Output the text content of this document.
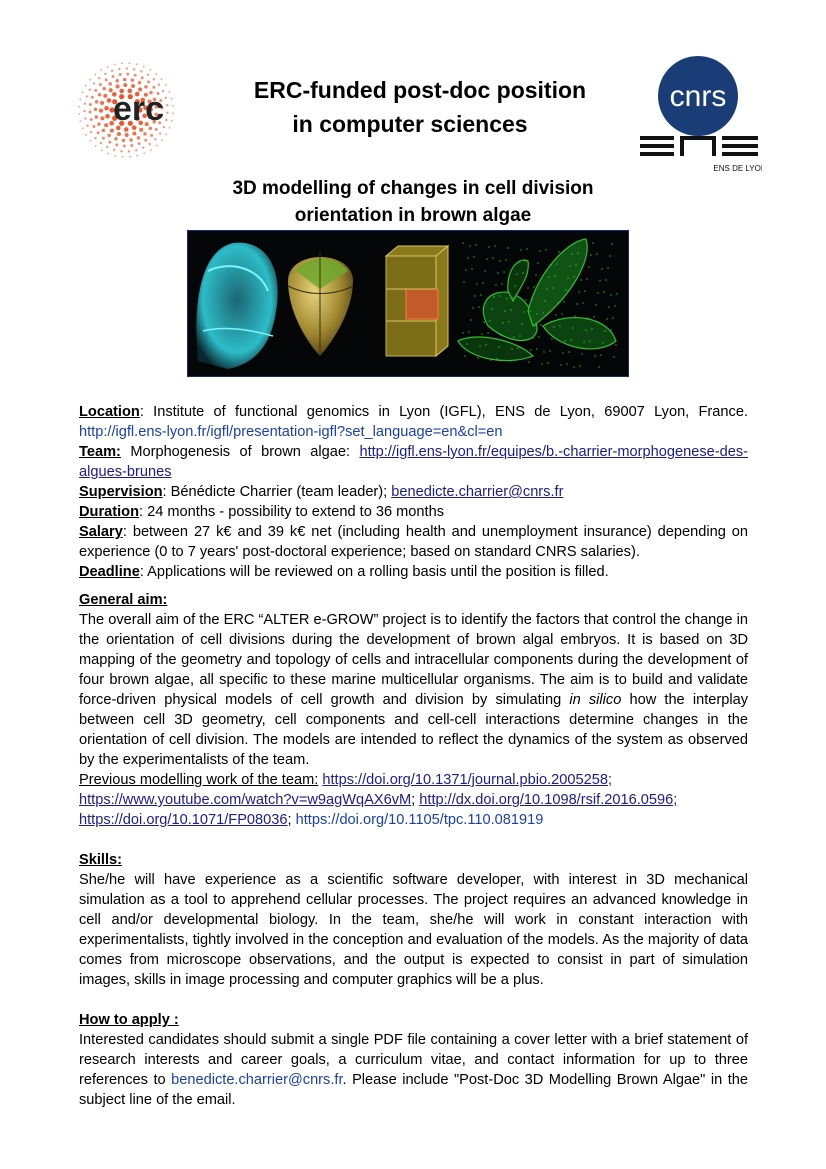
erc	ERC-funded post-doc position
in computer sciences
cnrs
ENS DE LYON
3D modelling of changes in cell division
orientation in brown algae

Location: Institute of functional genomics in Lyon (IGFL), ENS de Lyon, 69007 Lyon, France. http://igfl.ens-lyon.fr/igfl/presentation-igfl?set_language=en&cl=en

Team: Morphogenesis of brown algae: http://igfl.ens-lyon.fr/equipes/b.-charrier-morphogenese-des-algues-brunes

Supervision: Bénédicte Charrier (team leader); benedicte.charrier@cnrs.fr

Duration: 24 months - possibility to extend to 36 months

Salary: between 27 k€ and 39 k€ net (including health and unemployment insurance) depending on experience (0 to 7 years' post-doctoral experience; based on standard CNRS salaries).

Deadline: Applications will be reviewed on a rolling basis until the position is filled.

General aim:

The overall aim of the ERC “ALTER e-GROW” project is to identify the factors that control the change in the orientation of cell divisions during the development of brown algal embryos. It is based on 3D mapping of the geometry and topology of cells and intracellular components during the development of four brown algae, all specific to these marine multicellular organisms. The aim is to build and validate force-driven physical models of cell growth and division by simulating in silico how the interplay between cell 3D geometry, cell components and cell-cell interactions determine changes in the orientation of cell division. The models are intended to reflect the dynamics of the system as observed by the experimentalists of the team.

Previous modelling work of the team: https://doi.org/10.1371/journal.pbio.2005258;
https://www.youtube.com/watch?v=w9agWqAX6vM; http://dx.doi.org/10.1098/rsif.2016.0596;
https://doi.org/10.1071/FP08036; https://doi.org/10.1105/tpc.110.081919

Skills:

She/he will have experience as a scientific software developer, with interest in 3D mechanical simulation as a tool to apprehend cellular processes. The project requires an advanced knowledge in cell and/or developmental biology. In the team, she/he will work in constant interaction with experimentalists, tightly involved in the conception and evaluation of the models. As the majority of data comes from microscope observations, and the output is expected to consist in part of simulation images, skills in image processing and computer graphics will be a plus.

How to apply :

Interested candidates should submit a single PDF file containing a cover letter with a brief statement of research interests and career goals, a curriculum vitae, and contact information for up to three references to benedicte.charrier@cnrs.fr. Please include "Post-Doc 3D Modelling Brown Algae" in the subject line of the email.
